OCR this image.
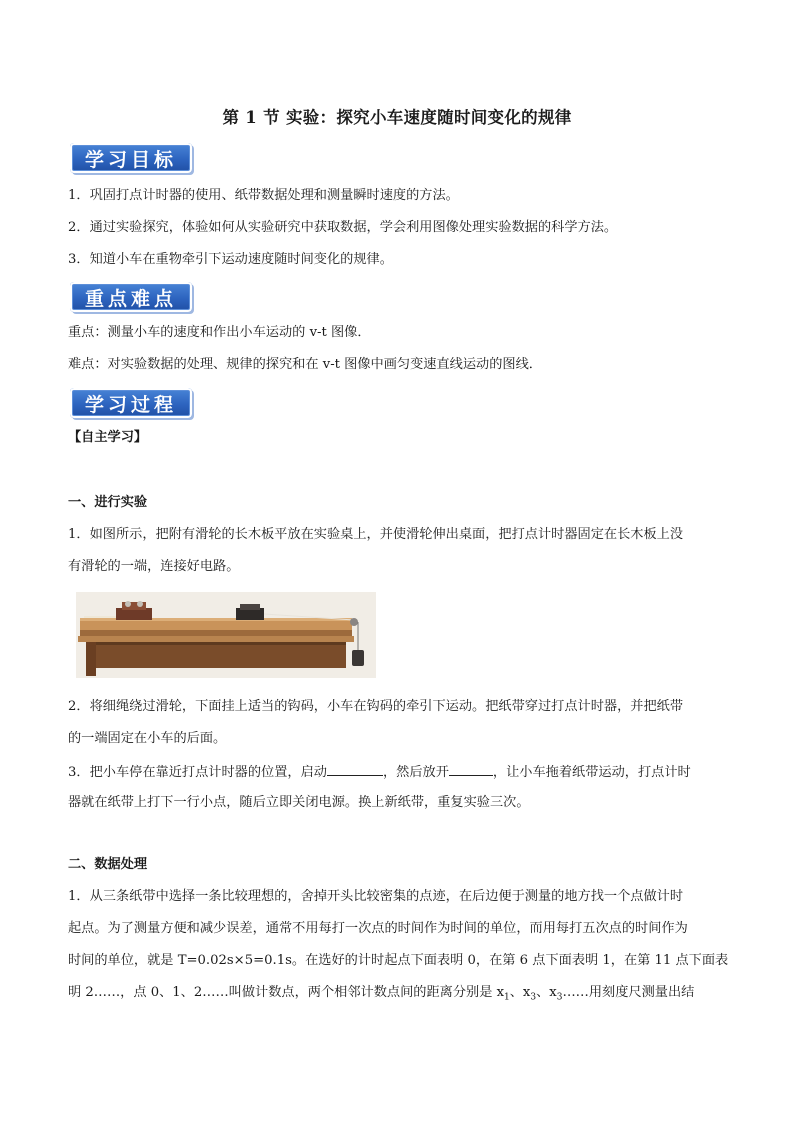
第 1 节 实验：探究小车速度随时间变化的规律
学习目标
1．巩固打点计时器的使用、纸带数据处理和测量瞬时速度的方法。
2．通过实验探究，体验如何从实验研究中获取数据，学会利用图像处理实验数据的科学方法。
3．知道小车在重物牵引下运动速度随时间变化的规律。
重点难点
重点：测量小车的速度和作出小车运动的 v-t 图像．
难点：对实验数据的处理、规律的探究和在 v-t 图像中画匀变速直线运动的图线．
学习过程
【自主学习】
一、进行实验
1．如图所示，把附有滑轮的长木板平放在实验桌上，并使滑轮伸出桌面，把打点计时器固定在长木板上没
有滑轮的一端，连接好电路。
2．将细绳绕过滑轮，下面挂上适当的钩码，小车在钩码的牵引下运动。把纸带穿过打点计时器，并把纸带
的一端固定在小车的后面。
3．把小车停在靠近打点计时器的位置，启动	，然后放开	，让小车拖着纸带运动，打点计时
器就在纸带上打下一行小点，随后立即关闭电源。换上新纸带，重复实验三次。
二、数据处理
1．从三条纸带中选择一条比较理想的，舍掉开头比较密集的点迹，在后边便于测量的地方找一个点做计时
起点。为了测量方便和减少误差，通常不用每打一次点的时间作为时间的单位，而用每打五次点的时间作为
时间的单位，就是 T=0.02s×5=0.1s。在选好的计时起点下面表明 0，在第 6 点下面表明 1，在第 11 点下面表
明 2……，点 0、1、2……叫做计数点，两个相邻计数点间的距离分别是 $x_1$、$x_3$、$x_3\dots\dots$用刻度尺测量出结
